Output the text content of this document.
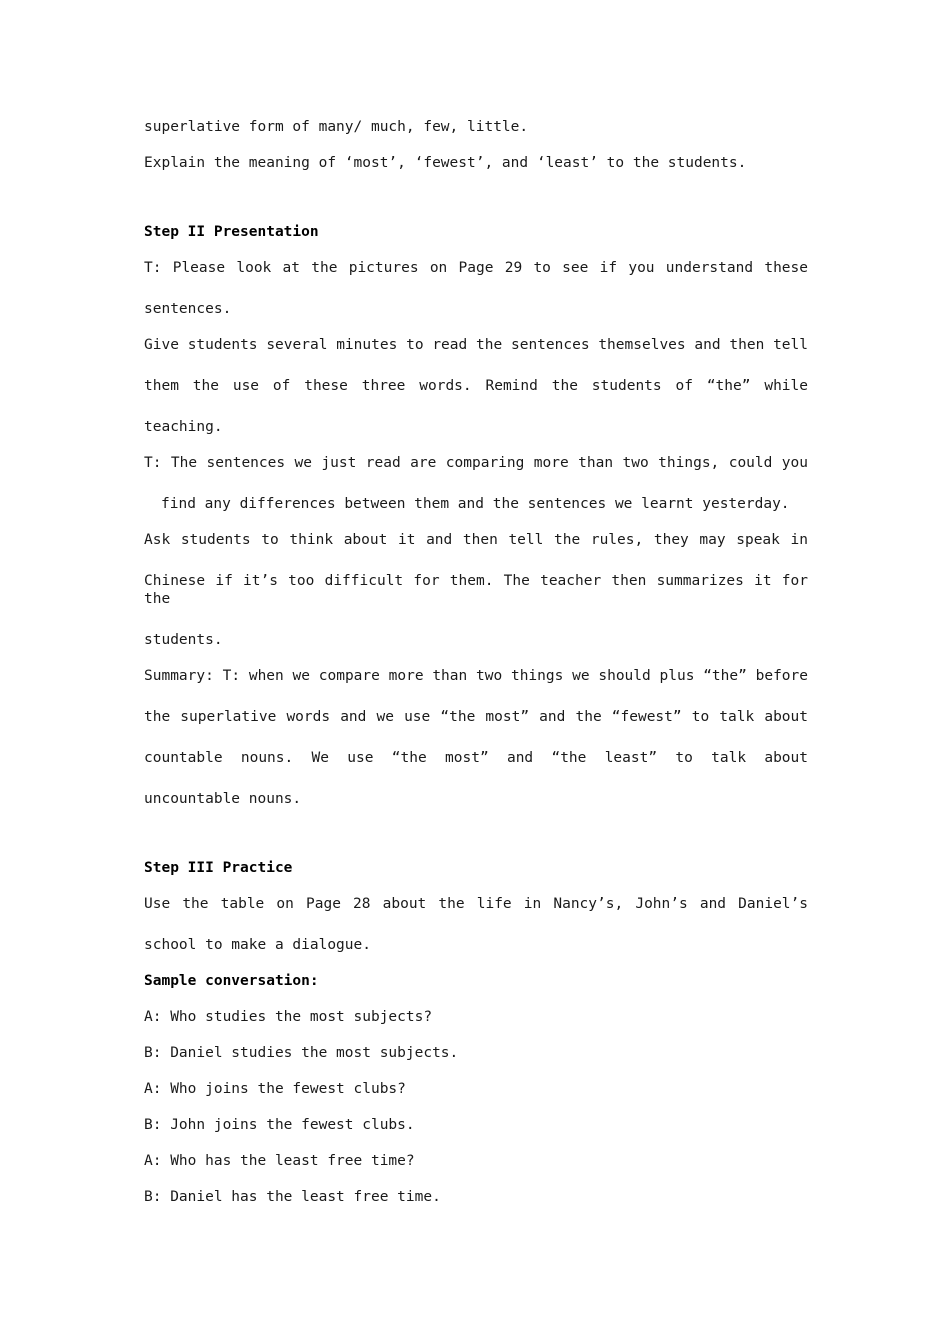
superlative form of many/ much, few, little.
Explain the meaning of ‘most’, ‘fewest’, and ‘least’ to the students.
Step II Presentation
T: Please look at the pictures on Page 29 to see if you understand these
sentences.
Give students several minutes to read the sentences themselves and then tell
them the use of these three words. Remind the students of “the” while
teaching.
T: The sentences we just read are comparing more than two things, could you
find any differences between them and the sentences we learnt yesterday.
Ask students to think about it and then tell the rules, they may speak in
Chinese if it’s too difficult for them. The teacher then summarizes it for the
students.
Summary: T: when we compare more than two things we should plus “the” before
the superlative words and we use “the most” and the “fewest” to talk about
countable nouns. We use “the most” and “the least” to talk about
uncountable nouns.
Step III Practice
Use the table on Page 28 about the life in Nancy’s, John’s and Daniel’s
school to make a dialogue.
Sample conversation:
A: Who studies the most subjects?
B: Daniel studies the most subjects.
A: Who joins the fewest clubs?
B: John joins the fewest clubs.
A: Who has the least free time?
B: Daniel has the least free time.
